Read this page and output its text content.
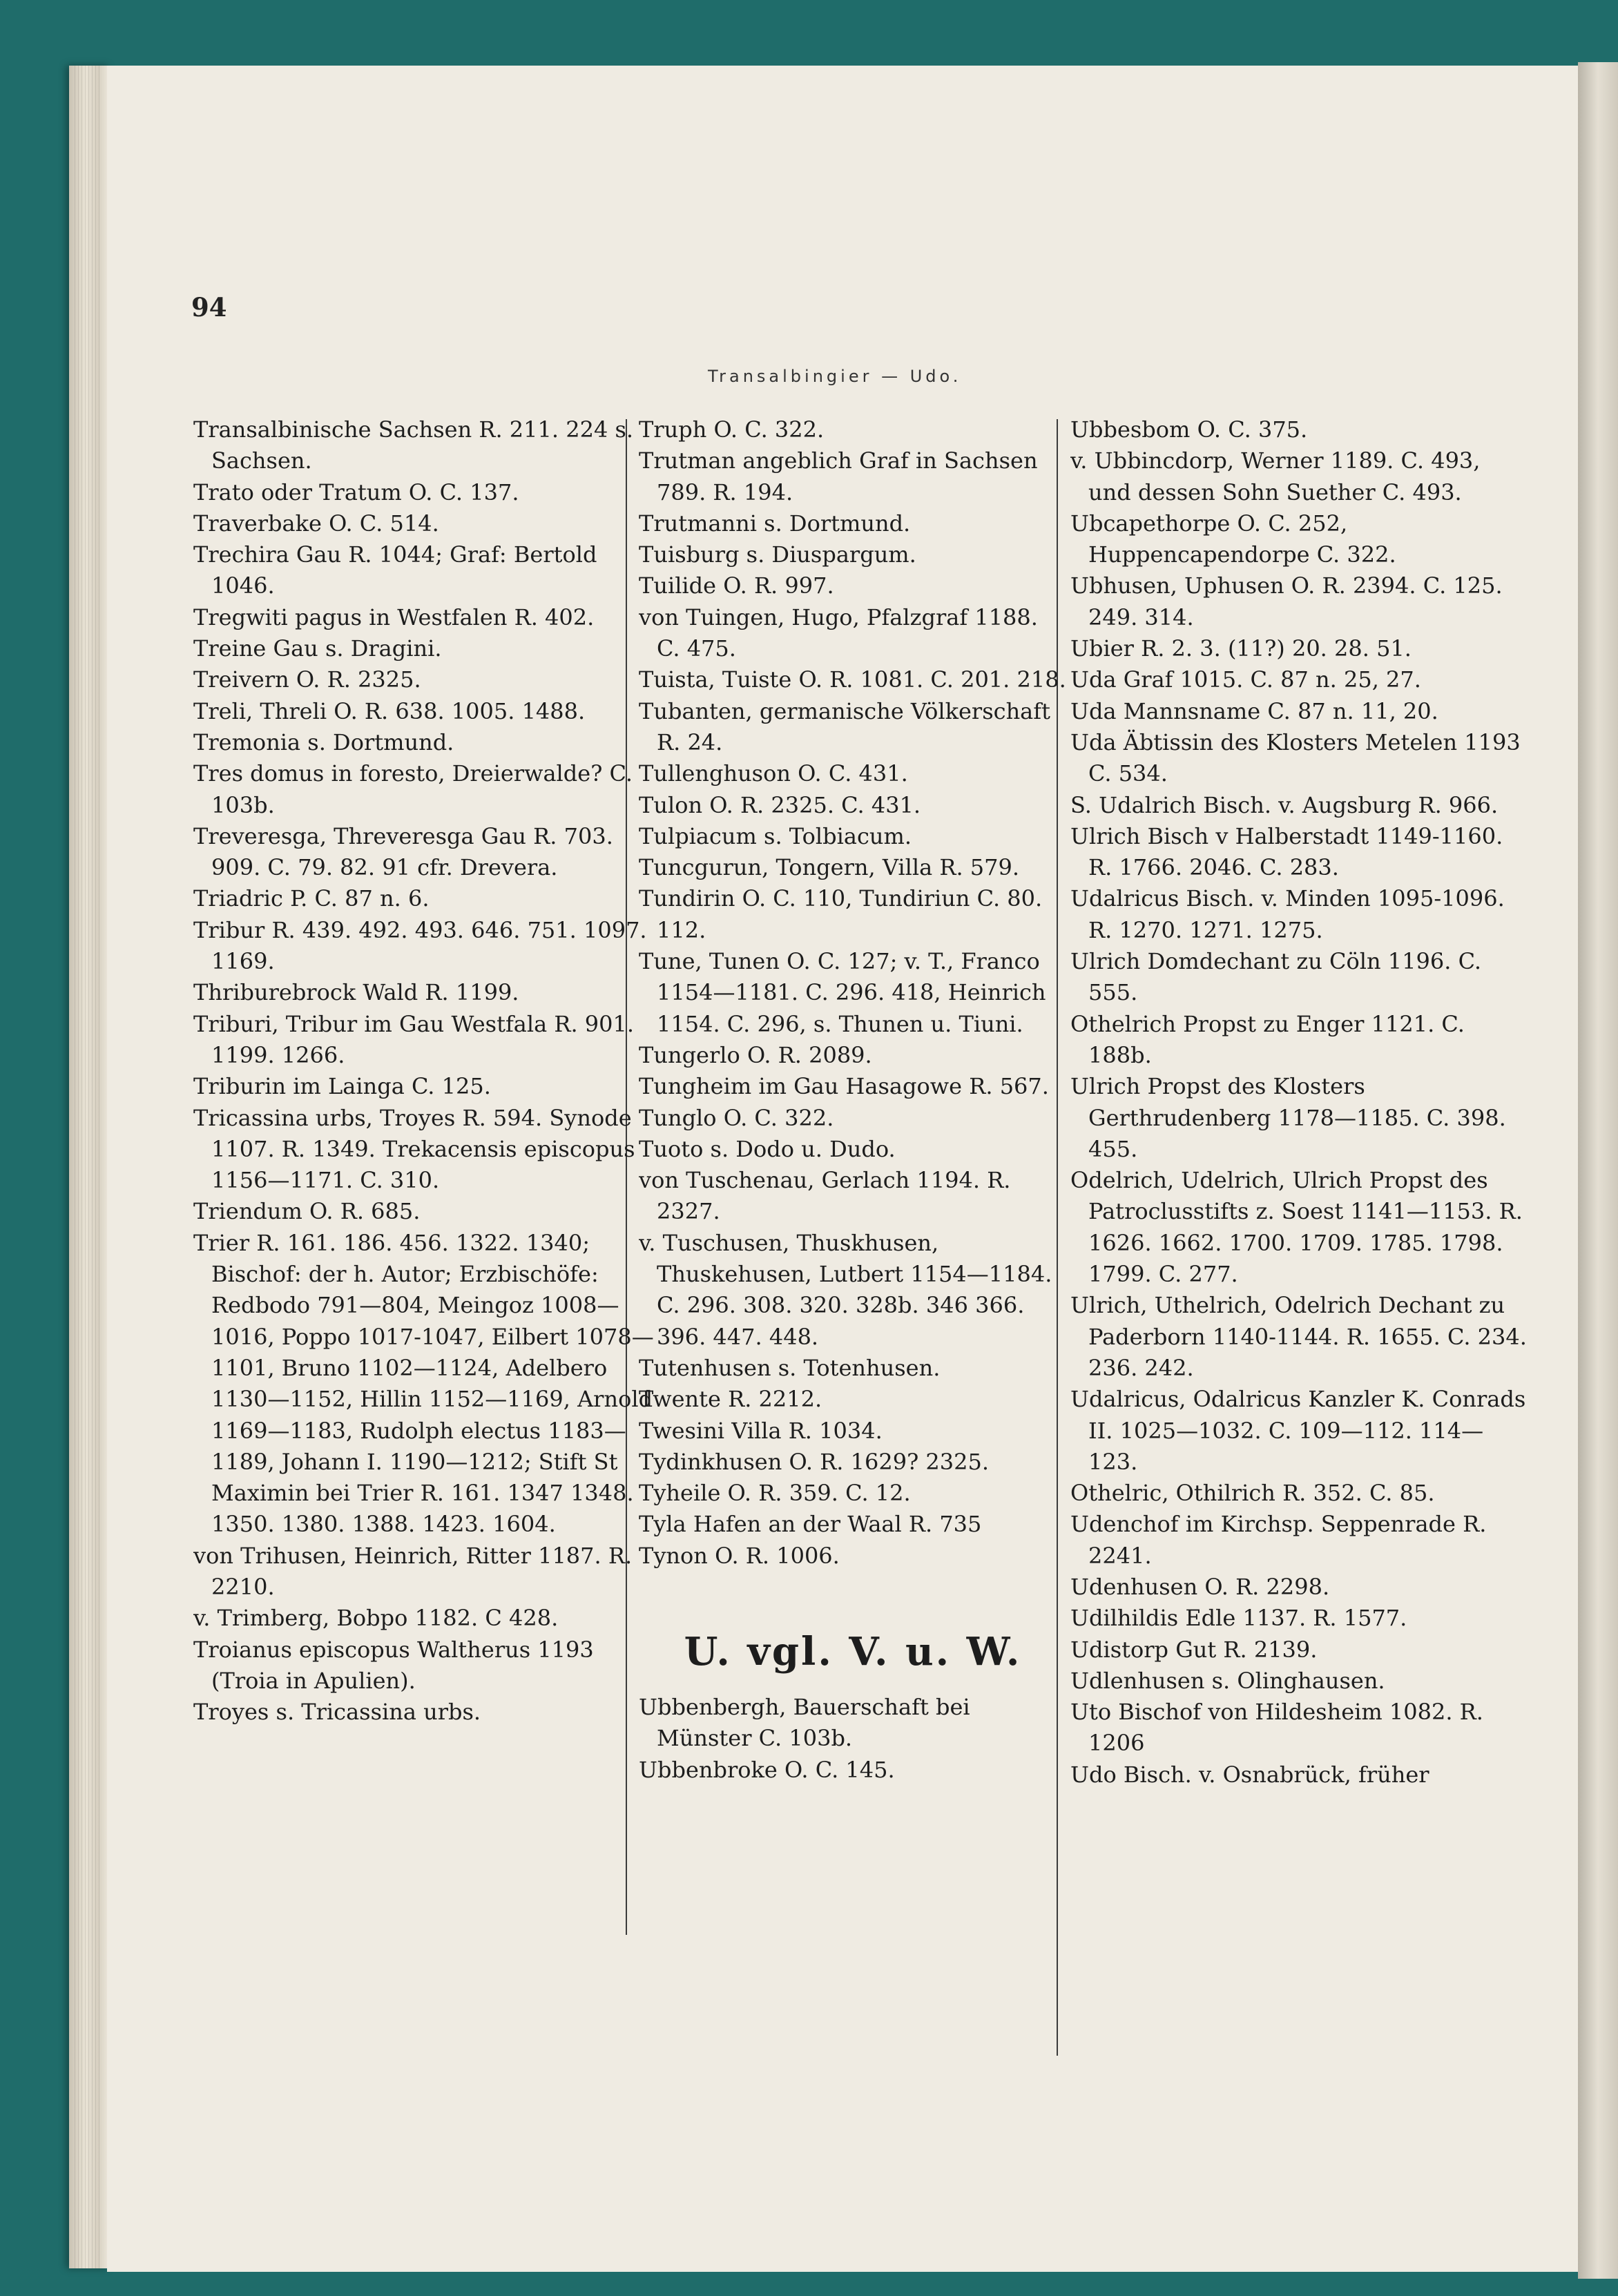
94
Transalbingier — Udo.

Transalbinische Sachsen R. 211. 224 s. Sachsen.

Trato oder Tratum O. C. 137.

Traverbake O. C. 514.

Trechira Gau R. 1044; Graf: Bertold 1046.

Tregwiti pagus in Westfalen R. 402.

Treine Gau s. Dragini.

Treivern O. R. 2325.

Treli, Threli O. R. 638. 1005. 1488.

Tremonia s. Dortmund.

Tres domus in foresto, Dreierwalde? C. 103b.

Treveresga, Threveresga Gau R. 703. 909. C. 79. 82. 91 cfr. Drevera.

Triadric P. C. 87 n. 6.

Tribur R. 439. 492. 493. 646. 751. 1097. 1169.

Thriburebrock Wald R. 1199.

Triburi, Tribur im Gau Westfala R. 901. 1199. 1266.

Triburin im Lainga C. 125.

Tricassina urbs, Troyes R. 594. Synode 1107. R. 1349. Trekacensis episcopus 1156—1171. C. 310.

Triendum O. R. 685.

Trier R. 161. 186. 456. 1322. 1340; Bischof: der h. Autor; Erzbischöfe: Redbodo 791—804, Meingoz 1008—1016, Poppo 1017-1047, Eilbert 1078—1101, Bruno 1102—1124, Adelbero 1130—1152, Hillin 1152—1169, Arnold 1169—1183, Rudolph electus 1183—1189, Johann I. 1190—1212; Stift St Maximin bei Trier R. 161. 1347 1348. 1350. 1380. 1388. 1423. 1604.

von Trihusen, Heinrich, Ritter 1187. R. 2210.

v. Trimberg, Bobpo 1182. C 428.

Troianus episcopus Waltherus 1193 (Troia in Apulien).

Troyes s. Tricassina urbs.

Truph O. C. 322.

Trutman angeblich Graf in Sachsen 789. R. 194.

Trutmanni s. Dortmund.

Tuisburg s. Diuspargum.

Tuilide O. R. 997.

von Tuingen, Hugo, Pfalzgraf 1188. C. 475.

Tuista, Tuiste O. R. 1081. C. 201. 218.

Tubanten, germanische Völkerschaft R. 24.

Tullenghuson O. C. 431.

Tulon O. R. 2325. C. 431.

Tulpiacum s. Tolbiacum.

Tuncgurun, Tongern, Villa R. 579.

Tundirin O. C. 110, Tundiriun C. 80. 112.

Tune, Tunen O. C. 127; v. T., Franco 1154—1181. C. 296. 418, Heinrich 1154. C. 296, s. Thunen u. Tiuni.

Tungerlo O. R. 2089.

Tungheim im Gau Hasagowe R. 567.

Tunglo O. C. 322.

Tuoto s. Dodo u. Dudo.

von Tuschenau, Gerlach 1194. R. 2327.

v. Tuschusen, Thuskhusen, Thuskehusen, Lutbert 1154—1184. C. 296. 308. 320. 328b. 346 366. 396. 447. 448.

Tutenhusen s. Totenhusen.

Twente R. 2212.

Twesini Villa R. 1034.

Tydinkhusen O. R. 1629? 2325.

Tyheile O. R. 359. C. 12.

Tyla Hafen an der Waal R. 735

Tynon O. R. 1006.

U. vgl. V. u. W.

Ubbenbergh, Bauerschaft bei Münster C. 103b.

Ubbenbroke O. C. 145.

Ubbesbom O. C. 375.

v. Ubbincdorp, Werner 1189. C. 493, und dessen Sohn Suether C. 493.

Ubcapethorpe O. C. 252, Huppencapendorpe C. 322.

Ubhusen, Uphusen O. R. 2394. C. 125. 249. 314.

Ubier R. 2. 3. (11?) 20. 28. 51.

Uda Graf 1015. C. 87 n. 25, 27.

Uda Mannsname C. 87 n. 11, 20.

Uda Äbtissin des Klosters Metelen 1193 C. 534.

S. Udalrich Bisch. v. Augsburg R. 966.

Ulrich Bisch v Halberstadt 1149-1160. R. 1766. 2046. C. 283.

Udalricus Bisch. v. Minden 1095-1096. R. 1270. 1271. 1275.

Ulrich Domdechant zu Cöln 1196. C. 555.

Othelrich Propst zu Enger 1121. C. 188b.

Ulrich Propst des Klosters Gerthrudenberg 1178—1185. C. 398. 455.

Odelrich, Udelrich, Ulrich Propst des Patroclusstifts z. Soest 1141—1153. R. 1626. 1662. 1700. 1709. 1785. 1798. 1799. C. 277.

Ulrich, Uthelrich, Odelrich Dechant zu Paderborn 1140-1144. R. 1655. C. 234. 236. 242.

Udalricus, Odalricus Kanzler K. Conrads II. 1025—1032. C. 109—112. 114—123.

Othelric, Othilrich R. 352. C. 85.

Udenchof im Kirchsp. Seppenrade R. 2241.

Udenhusen O. R. 2298.

Udilhildis Edle 1137. R. 1577.

Udistorp Gut R. 2139.

Udlenhusen s. Olinghausen.

Uto Bischof von Hildesheim 1082. R. 1206

Udo Bisch. v. Osnabrück, früher
